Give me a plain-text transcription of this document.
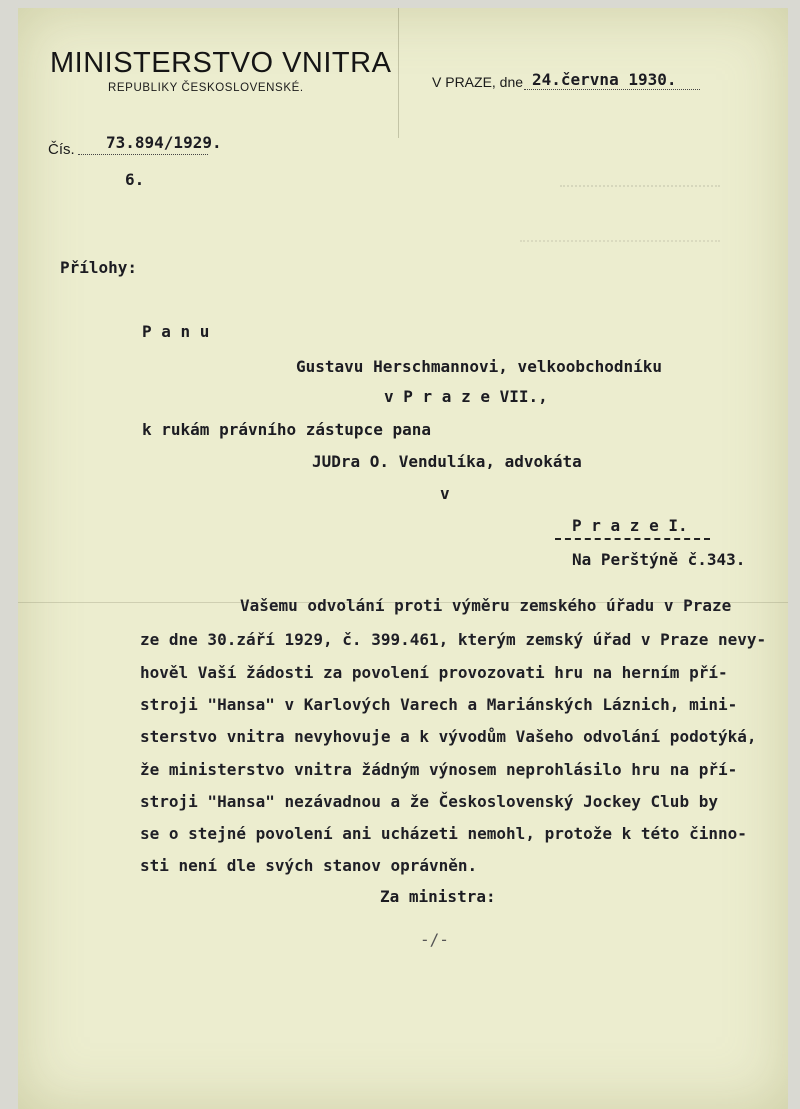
MINISTERSTVO VNITRA
REPUBLIKY ČESKOSLOVENSKÉ.	V PRAZE, dne 24.června 1930.
Čís. 73.894/1929.
6.
Přílohy:
P a n u
Gustavu Herschmannovi, velkoobchodníku
v P r a z e VII.,
k rukám právního zástupce pana
JUDra O. Vendulíka, advokáta
v
P r a z e I.
Na Perštýně č.343.
Vašemu odvolání proti výměru zemského úřadu v Praze
ze dne 30.září 1929, č. 399.461, kterým zemský úřad v Praze nevy-
hověl Vaší žádosti za povolení provozovati hru na herním pří-
stroji "Hansa" v Karlových Varech a Mariánských Láznich, mini-
sterstvo vnitra nevyhovuje a k vývodům Vašeho odvolání podotýká,
že ministerstvo vnitra žádným výnosem neprohlásilo hru na pří-
stroji "Hansa" nezávadnou a že Československý Jockey Club by
se o stejné povolení ani ucházeti nemohl, protože k této činno-
sti není dle svých stanov oprávněn.
Za ministra:
-/-
